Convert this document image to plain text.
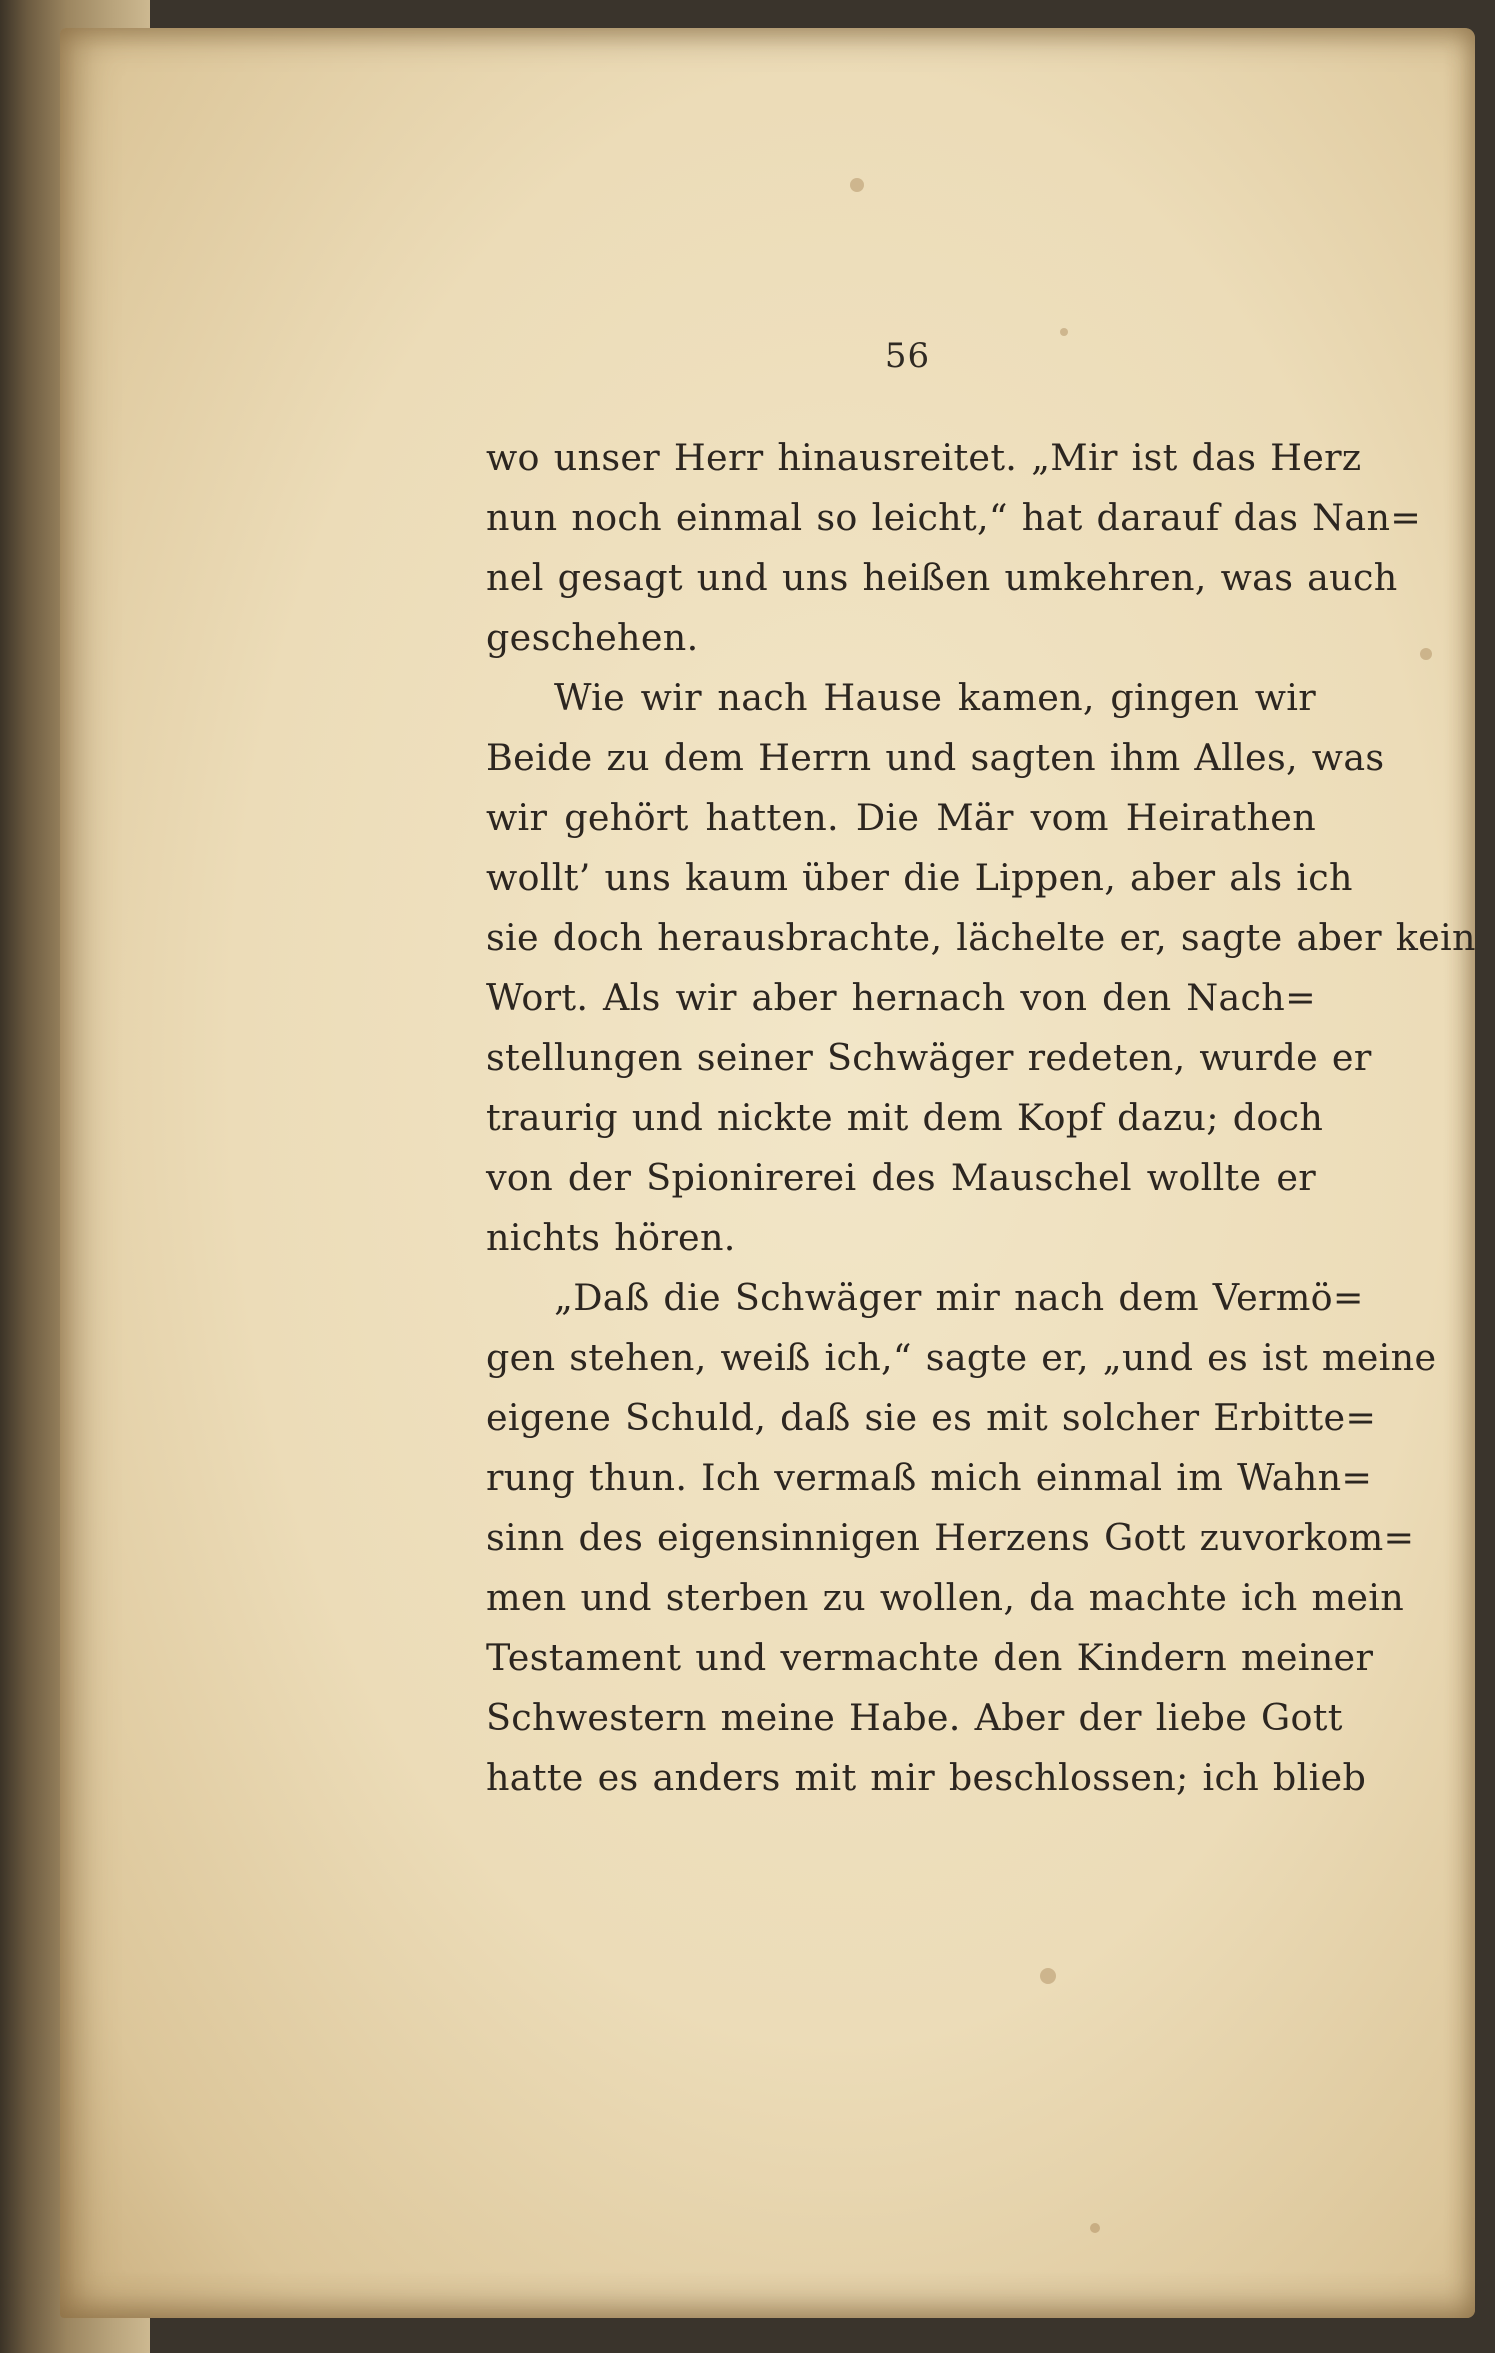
56
wo unser Herr hinausreitet. „Mir ist das Herz
nun noch einmal so leicht,“ hat darauf das Nan=
nel gesagt und uns heißen umkehren, was auch
geschehen.
Wie wir nach Hause kamen, gingen wir
Beide zu dem Herrn und sagten ihm Alles, was
wir gehört hatten. Die Mär vom Heirathen
wollt’ uns kaum über die Lippen, aber als ich
sie doch herausbrachte, lächelte er, sagte aber kein
Wort. Als wir aber hernach von den Nach=
stellungen seiner Schwäger redeten, wurde er
traurig und nickte mit dem Kopf dazu; doch
von der Spionirerei des Mauschel wollte er
nichts hören.
„Daß die Schwäger mir nach dem Vermö=
gen stehen, weiß ich,“ sagte er, „und es ist meine
eigene Schuld, daß sie es mit solcher Erbitte=
rung thun. Ich vermaß mich einmal im Wahn=
sinn des eigensinnigen Herzens Gott zuvorkom=
men und sterben zu wollen, da machte ich mein
Testament und vermachte den Kindern meiner
Schwestern meine Habe. Aber der liebe Gott
hatte es anders mit mir beschlossen; ich blieb
